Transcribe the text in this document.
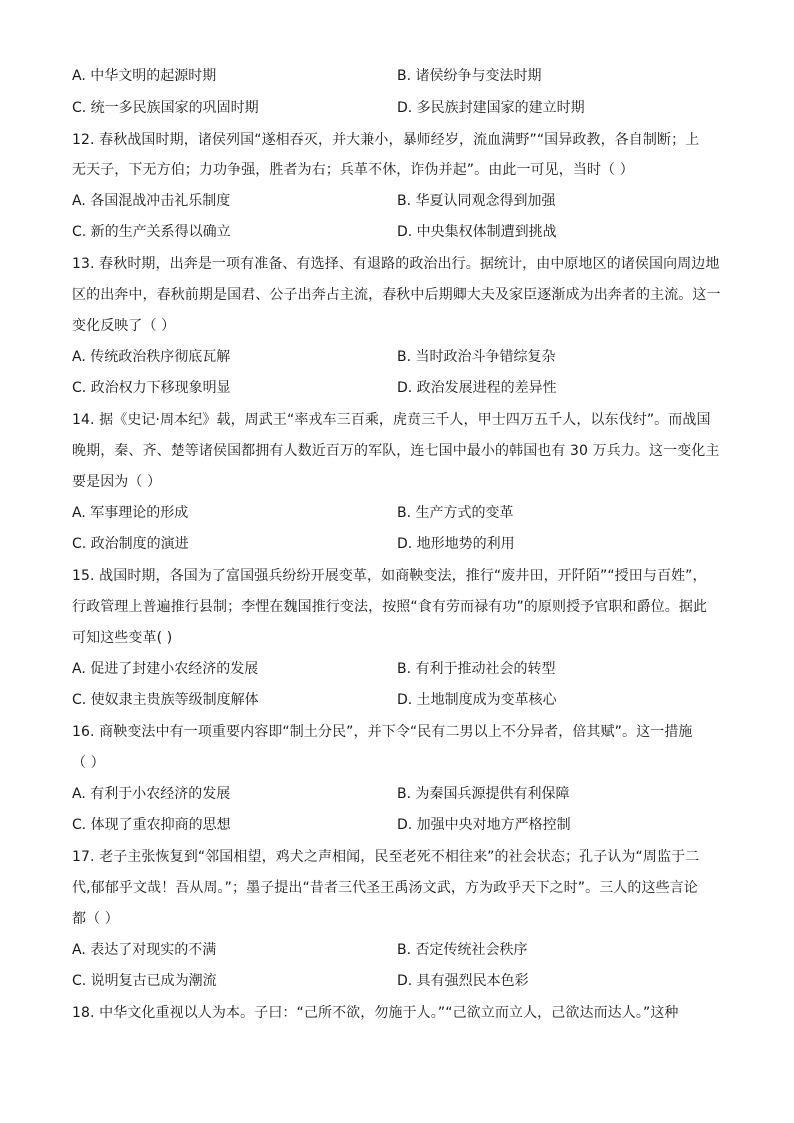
A. 中华文明的起源时期	B. 诸侯纷争与变法时期
C. 统一多民族国家的巩固时期	D. 多民族封建国家的建立时期
12. 春秋战国时期，诸侯列国“遂相吞灭，并大兼小，暴师经岁，流血满野”“国异政教，各自制断；上
无天子，下无方伯；力功争强，胜者为右；兵革不休，诈伪并起”。由此一可见，当时（ ）
A. 各国混战冲击礼乐制度	B. 华夏认同观念得到加强
C. 新的生产关系得以确立	D. 中央集权体制遭到挑战
13. 春秋时期，出奔是一项有准备、有选择、有退路的政治出行。据统计，由中原地区的诸侯国向周边地
区的出奔中，春秋前期是国君、公子出奔占主流，春秋中后期卿大夫及家臣逐渐成为出奔者的主流。这一
变化反映了（ ）
A. 传统政治秩序彻底瓦解	B. 当时政治斗争错综复杂
C. 政治权力下移现象明显	D. 政治发展进程的差异性
14. 据《史记·周本纪》载，周武王“率戎车三百乘，虎贲三千人，甲士四万五千人，以东伐纣”。而战国
晚期，秦、齐、楚等诸侯国都拥有人数近百万的军队，连七国中最小的韩国也有 30 万兵力。这一变化主
要是因为（ ）
A. 军事理论的形成	B. 生产方式的变革
C. 政治制度的演进	D. 地形地势的利用
15. 战国时期，各国为了富国强兵纷纷开展变革，如商鞅变法，推行“废井田，开阡陌”“授田与百姓”，
行政管理上普遍推行县制；李悝在魏国推行变法，按照“食有劳而禄有功”的原则授予官职和爵位。据此
可知这些变革( )
A. 促进了封建小农经济的发展	B. 有利于推动社会的转型
C. 使奴隶主贵族等级制度解体	D. 土地制度成为变革核心
16. 商鞅变法中有一项重要内容即“制土分民”，并下令“民有二男以上不分异者，倍其赋”。这一措施
（ ）
A. 有利于小农经济的发展	B. 为秦国兵源提供有利保障
C. 体现了重农抑商的思想	D. 加强中央对地方严格控制
17. 老子主张恢复到“邻国相望，鸡犬之声相闻，民至老死不相往来”的社会状态；孔子认为“周监于二
代,郁郁乎文哉！吾从周。”；墨子提出“昔者三代圣王禹汤文武，方为政乎天下之时”。三人的这些言论
都（ ）
A. 表达了对现实的不满	B. 否定传统社会秩序
C. 说明复古已成为潮流	D. 具有强烈民本色彩
18. 中华文化重视以人为本。子曰：“己所不欲，勿施于人。”“己欲立而立人，己欲达而达人。”这种
